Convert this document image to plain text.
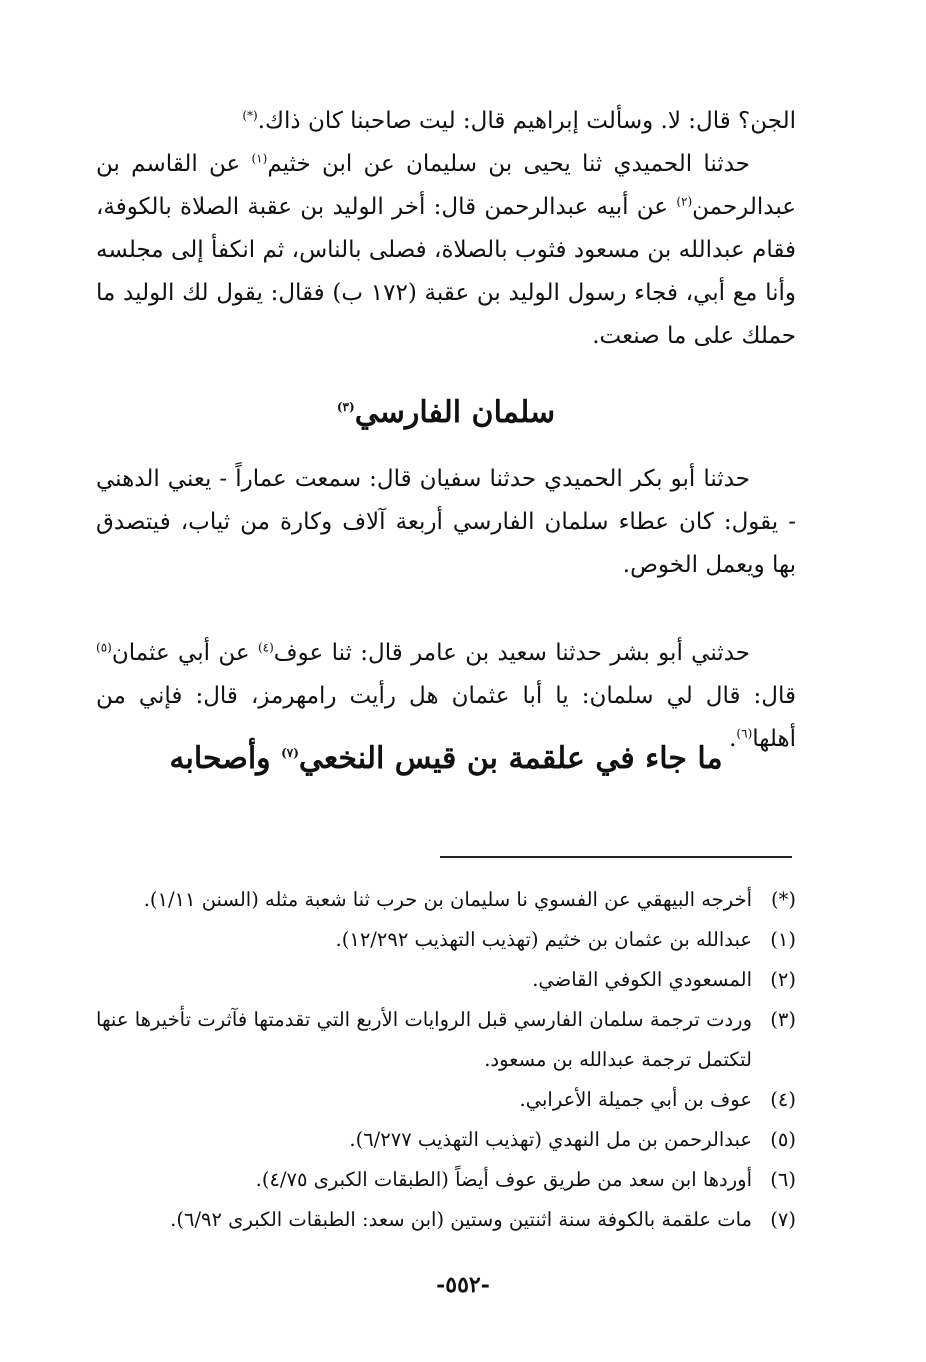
الجن؟ قال: لا. وسألت إبراهيم قال: ليت صاحبنا كان ذاك.(*)

حدثنا الحميدي ثنا يحيى بن سليمان عن ابن خثيم$^{(١)}$ عن القاسم بن عبدالرحمن$^{(٢)}$ عن أبيه عبدالرحمن قال: أخر الوليد بن عقبة الصلاة بالكوفة، فقام عبدالله بن مسعود فثوب بالصلاة، فصلى بالناس، ثم انكفأ إلى مجلسه وأنا مع أبي، فجاء رسول الوليد بن عقبة (١٧٢ ب) فقال: يقول لك الوليد ما حملك على ما صنعت.

سلمان الفارسي$^{(٣)}$

حدثنا أبو بكر الحميدي حدثنا سفيان قال: سمعت عماراً - يعني الدهني - يقول: كان عطاء سلمان الفارسي أربعة آلاف وكارة من ثياب، فيتصدق بها ويعمل الخوص.

حدثني أبو بشر حدثنا سعيد بن عامر قال: ثنا عوف$^{(٤)}$ عن أبي عثمان$^{(٥)}$ قال: قال لي سلمان: يا أبا عثمان هل رأيت رامهرمز، قال: فإني من أهلها$^{(٦)}$.

ما جاء في علقمة بن قيس النخعي$^{(٧)}$ وأصحابه
(*)
أخرجه البيهقي عن الفسوي نا سليمان بن حرب ثنا شعبة مثله (السنن ١/١١).
(١)
عبدالله بن عثمان بن خثيم (تهذيب التهذيب ١٢/٢٩٢).
(٢)
المسعودي الكوفي القاضي.
(٣)
وردت ترجمة سلمان الفارسي قبل الروايات الأربع التي تقدمتها فآثرت تأخيرها عنها لتكتمل ترجمة عبدالله بن مسعود.
(٤)
عوف بن أبي جميلة الأعرابي.
(٥)
عبدالرحمن بن مل النهدي (تهذيب التهذيب ٦/٢٧٧).
(٦)
أوردها ابن سعد من طريق عوف أيضاً (الطبقات الكبرى ٤/٧٥).
(٧)
مات علقمة بالكوفة سنة اثنتين وستين (ابن سعد: الطبقات الكبرى ٦/٩٢).
-٥٥٢-
